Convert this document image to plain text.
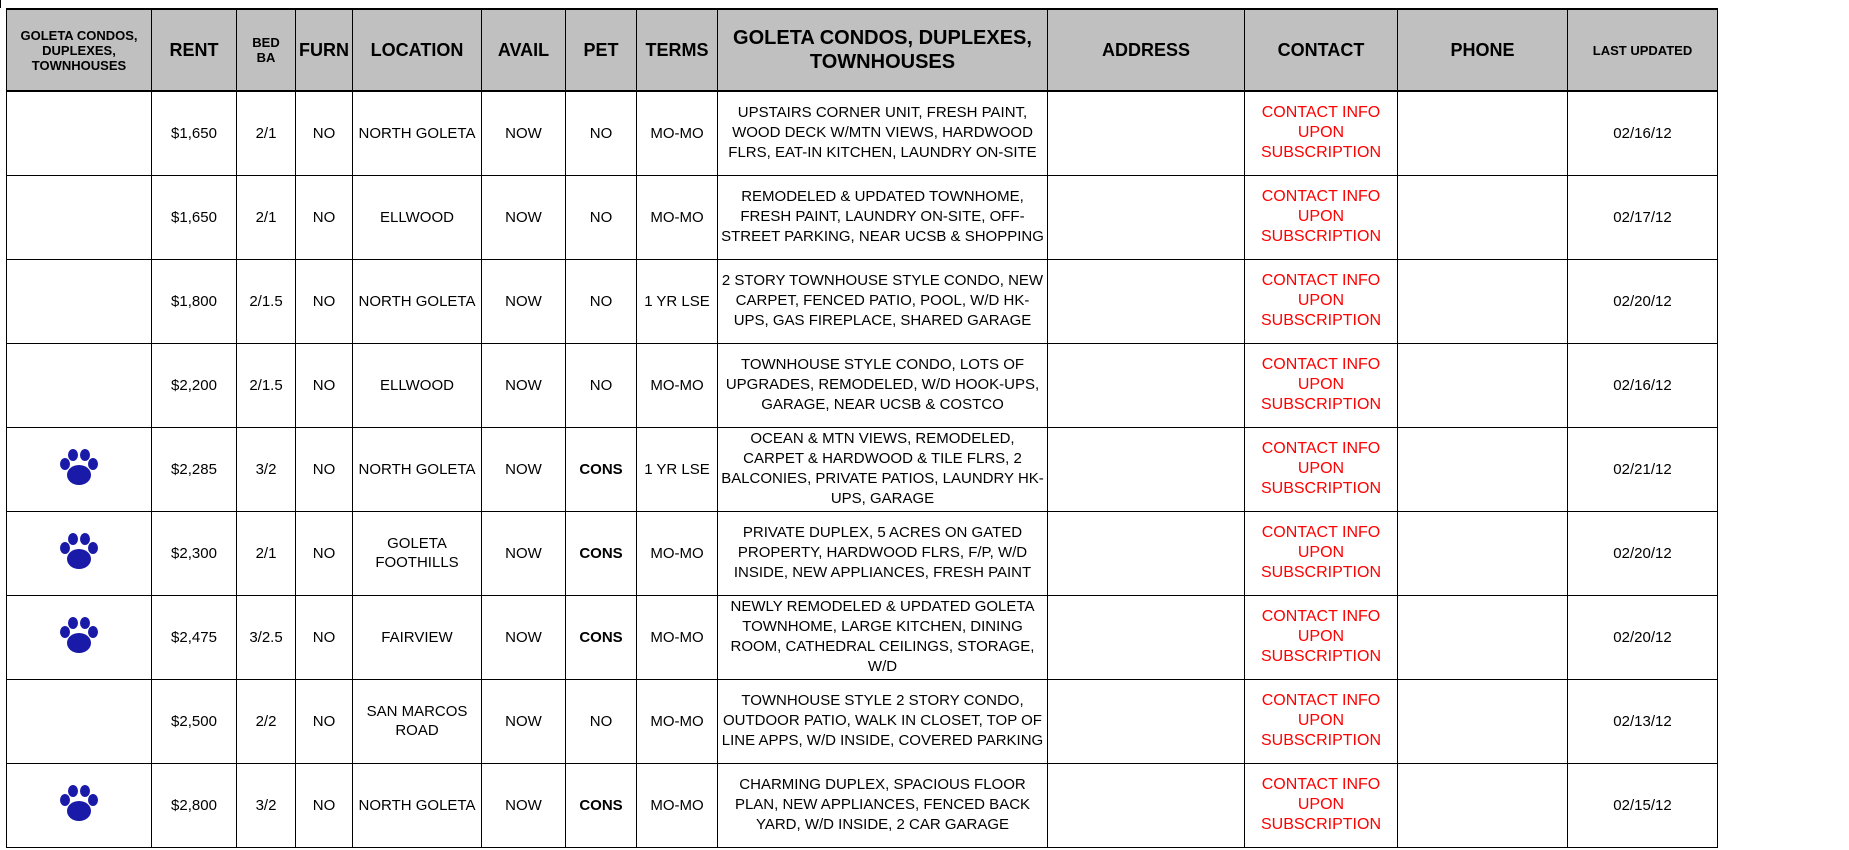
GOLETA CONDOS, DUPLEXES, TOWNHOUSES	RENT	BED
BA	FURN	LOCATION	AVAIL	PET	TERMS	GOLETA CONDOS, DUPLEXES, TOWNHOUSES	ADDRESS	CONTACT	PHONE	LAST UPDATED
	$1,650	2/1	NO	NORTH GOLETA	NOW	NO	MO-MO	UPSTAIRS CORNER UNIT, FRESH PAINT, WOOD DECK W/MTN VIEWS, HARDWOOD FLRS, EAT-IN KITCHEN, LAUNDRY ON-SITE		CONTACT INFO UPON SUBSCRIPTION		02/16/12
	$1,650	2/1	NO	ELLWOOD	NOW	NO	MO-MO	REMODELED & UPDATED TOWNHOME, FRESH PAINT, LAUNDRY ON-SITE, OFF-STREET PARKING, NEAR UCSB & SHOPPING		CONTACT INFO UPON SUBSCRIPTION		02/17/12
	$1,800	2/1.5	NO	NORTH GOLETA	NOW	NO	1 YR LSE	2 STORY TOWNHOUSE STYLE CONDO, NEW CARPET, FENCED PATIO, POOL, W/D HK-UPS, GAS FIREPLACE, SHARED GARAGE		CONTACT INFO UPON SUBSCRIPTION		02/20/12
	$2,200	2/1.5	NO	ELLWOOD	NOW	NO	MO-MO	TOWNHOUSE STYLE CONDO, LOTS OF UPGRADES, REMODELED, W/D HOOK-UPS, GARAGE, NEAR UCSB & COSTCO		CONTACT INFO UPON SUBSCRIPTION		02/16/12
	$2,285	3/2	NO	NORTH GOLETA	NOW	CONS	1 YR LSE	OCEAN & MTN VIEWS, REMODELED, CARPET & HARDWOOD & TILE FLRS, 2 BALCONIES, PRIVATE PATIOS, LAUNDRY HK-UPS, GARAGE		CONTACT INFO UPON SUBSCRIPTION		02/21/12
	$2,300	2/1	NO	GOLETA FOOTHILLS	NOW	CONS	MO-MO	PRIVATE DUPLEX, 5 ACRES ON GATED PROPERTY, HARDWOOD FLRS, F/P, W/D INSIDE, NEW APPLIANCES, FRESH PAINT		CONTACT INFO UPON SUBSCRIPTION		02/20/12
	$2,475	3/2.5	NO	FAIRVIEW	NOW	CONS	MO-MO	NEWLY REMODELED & UPDATED GOLETA TOWNHOME, LARGE KITCHEN, DINING ROOM, CATHEDRAL CEILINGS, STORAGE, W/D		CONTACT INFO UPON SUBSCRIPTION		02/20/12
	$2,500	2/2	NO	SAN MARCOS ROAD	NOW	NO	MO-MO	TOWNHOUSE STYLE 2 STORY CONDO, OUTDOOR PATIO, WALK IN CLOSET, TOP OF LINE APPS, W/D INSIDE, COVERED PARKING		CONTACT INFO UPON SUBSCRIPTION		02/13/12
	$2,800	3/2	NO	NORTH GOLETA	NOW	CONS	MO-MO	CHARMING DUPLEX, SPACIOUS FLOOR PLAN, NEW APPLIANCES, FENCED BACK YARD, W/D INSIDE, 2 CAR GARAGE		CONTACT INFO UPON SUBSCRIPTION		02/15/12
